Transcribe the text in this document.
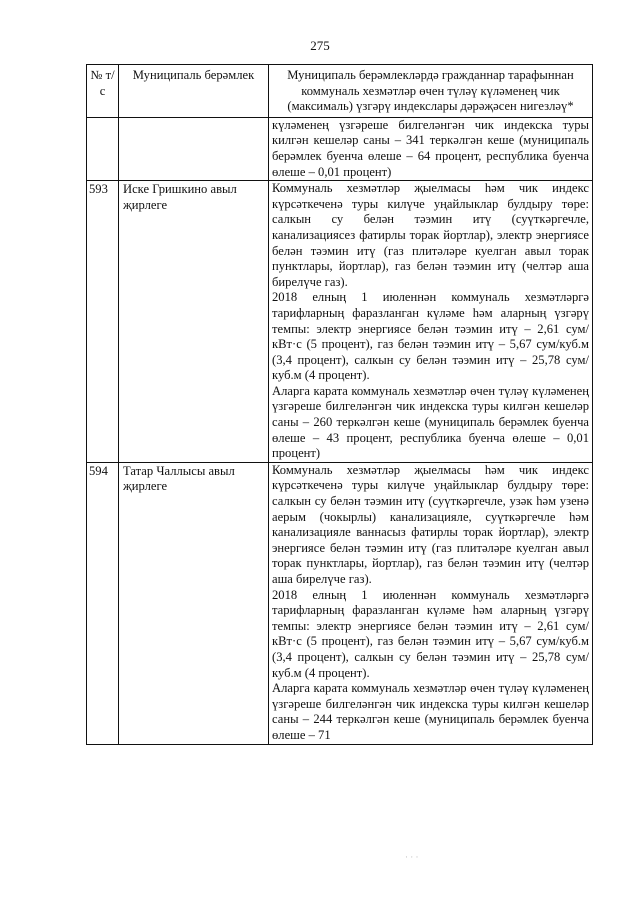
275
№ т/с	Муниципаль берәмлек	Муниципаль берәмлекләрдә гражданнар тарафыннан коммуналь хезмәтләр өчен түләү күләменең чик (максималь) үзгәрү индекслары дәрәҗәсен нигезләү*

		күләменең үзгәреше билгеләнгән чик индекска туры килгән кешеләр саны – 341 теркәлгән кеше (муниципаль берәмлек буенча өлеше – 64 процент, республика буенча өлеше – 0,01 процент)

593	Иске Гришкино авыл җирлеге	Коммуналь хезмәтләр җыелмасы һәм чик индекс күрсәткеченә туры килүче уңайлыклар булдыру төре: салкын су белән тәэмин итү (суүткәргечле, канализациясез фатирлы торак йортлар), электр энергиясе белән тәэмин итү (газ плитәләре куелган авыл торак пунктлары, йортлар), газ белән тәэмин итү (челтәр аша бирелүче газ).

2018 елның 1 июленнән коммуналь хезмәтләргә тарифларның фаразланган күләме һәм аларның үзгәрү темпы: электр энергиясе белән тәэмин итү – 2,61 сум/кВт·с (5 процент), газ белән тәэмин итү – 5,67 сум/куб.м (3,4 процент), салкын су белән тәэмин итү – 25,78 сум/куб.м (4 процент).

Аларга карата коммуналь хезмәтләр өчен түләү күләменең үзгәреше билгеләнгән чик индекска туры килгән кешеләр саны – 260 теркәлгән кеше (муниципаль берәмлек буенча өлеше – 43 процент, республика буенча өлеше – 0,01 процент)

594	Татар Чаллысы авыл җирлеге	Коммуналь хезмәтләр җыелмасы һәм чик индекс күрсәткеченә туры килүче уңайлыклар булдыру төре: салкын су белән тәэмин итү (суүткәргечле, узәк һәм узенә аерым (чокырлы) канализацияле, суүткәргечле һәм канализацияле ваннасыз фатирлы торак йортлар), электр энергиясе белән тәэмин итү (газ плитәләре куелган авыл торак пунктлары, йортлар), газ белән тәэмин итү (челтәр аша бирелүче газ).

2018 елның 1 июленнән коммуналь хезмәтләргә тарифларның фаразланган күләме һәм аларның үзгәрү темпы: электр энергиясе белән тәэмин итү – 2,61 сум/кВт·с (5 процент), газ белән тәэмин итү – 5,67 сум/куб.м (3,4 процент), салкын су белән тәэмин итү – 25,78 сум/куб.м (4 процент).

Аларга карата коммуналь хезмәтләр өчен түләү күләменең үзгәреше билгеләнгән чик индекска туры килгән кешеләр саны – 244 теркәлгән кеше (муниципаль берәмлек буенча өлеше – 71

· · ·
